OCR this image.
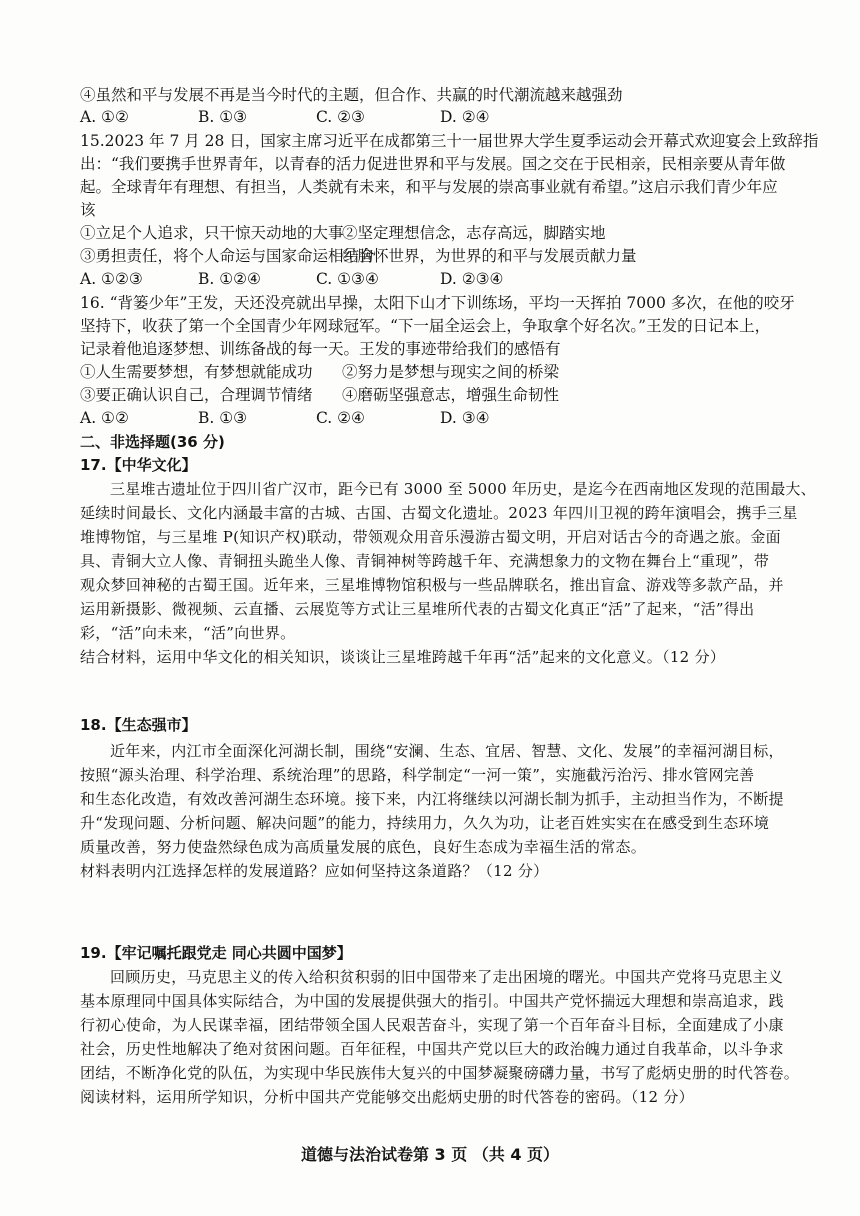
④虽然和平与发展不再是当今时代的主题，但合作、共赢的时代潮流越来越强劲
A. ①②	B. ①③	C. ②③	D. ②④
15.2023 年 7 月 28 日，国家主席习近平在成都第三十一届世界大学生夏季运动会开幕式欢迎宴会上致辞指
出：“我们要携手世界青年，以青春的活力促进世界和平与发展。国之交在于民相亲，民相亲要从青年做
起。全球青年有理想、有担当，人类就有未来，和平与发展的崇高事业就有希望。”这启示我们青少年应
该
①立足个人追求，只干惊天动地的大事②坚定理想信念，志存高远，脚踏实地
③勇担责任，将个人命运与国家命运相结合④胸怀世界，为世界的和平与发展贡献力量
A. ①②③	B. ①②④	C. ①③④	D. ②③④
16. “背篓少年”王发，天还没亮就出早操，太阳下山才下训练场，平均一天挥拍 7000 多次，在他的咬牙
坚持下，收获了第一个全国青少年网球冠军。“下一届全运会上，争取拿个好名次。”王发的日记本上，
记录着他追逐梦想、训练备战的每一天。王发的事迹带给我们的感悟有
①人生需要梦想，有梦想就能成功 ②努力是梦想与现实之间的桥梁
③要正确认识自己，合理调节情绪 ④磨砺坚强意志，增强生命韧性
A. ①②	B. ①③	C. ②④	D. ③④
二、非选择题(36 分)
17.【中华文化】
三星堆古遗址位于四川省广汉市，距今已有 3000 至 5000 年历史，是迄今在西南地区发现的范围最大、
延续时间最长、文化内涵最丰富的古城、古国、古蜀文化遗址。2023 年四川卫视的跨年演唱会，携手三星
堆博物馆，与三星堆 P(知识产权)联动，带领观众用音乐漫游古蜀文明，开启对话古今的奇遇之旅。金面
具、青铜大立人像、青铜扭头跪坐人像、青铜神树等跨越千年、充满想象力的文物在舞台上“重现”，带
观众梦回神秘的古蜀王国。近年来，三星堆博物馆积极与一些品牌联名，推出盲盒、游戏等多款产品，并
运用新摄影、微视频、云直播、云展览等方式让三星堆所代表的古蜀文化真正“活”了起来，“活”得出
彩，“活”向未来，“活”向世界。
结合材料，运用中华文化的相关知识，谈谈让三星堆跨越千年再“活”起来的文化意义。（12 分）
18.【生态强市】
近年来，内江市全面深化河湖长制，围绕“安澜、生态、宜居、智慧、文化、发展”的幸福河湖目标，
按照“源头治理、科学治理、系统治理”的思路，科学制定“一河一策”，实施截污治污、排水管网完善
和生态化改造，有效改善河湖生态环境。接下来，内江将继续以河湖长制为抓手，主动担当作为，不断提
升“发现问题、分析问题、解决问题”的能力，持续用力，久久为功，让老百姓实实在在感受到生态环境
质量改善，努力使盎然绿色成为高质量发展的底色，良好生态成为幸福生活的常态。
材料表明内江选择怎样的发展道路？应如何坚持这条道路？（12 分）
19.【牢记嘱托跟党走 同心共圆中国梦】
回顾历史，马克思主义的传入给积贫积弱的旧中国带来了走出困境的曙光。中国共产党将马克思主义
基本原理同中国具体实际结合，为中国的发展提供强大的指引。中国共产党怀揣远大理想和崇高追求，践
行初心使命，为人民谋幸福，团结带领全国人民艰苦奋斗，实现了第一个百年奋斗目标，全面建成了小康
社会，历史性地解决了绝对贫困问题。百年征程，中国共产党以巨大的政治魄力通过自我革命，以斗争求
团结，不断净化党的队伍，为实现中华民族伟大复兴的中国梦凝聚磅礴力量，书写了彪炳史册的时代答卷。
阅读材料，运用所学知识，分析中国共产党能够交出彪炳史册的时代答卷的密码。（12 分）
道德与法治试卷第 3 页 （共 4 页）
